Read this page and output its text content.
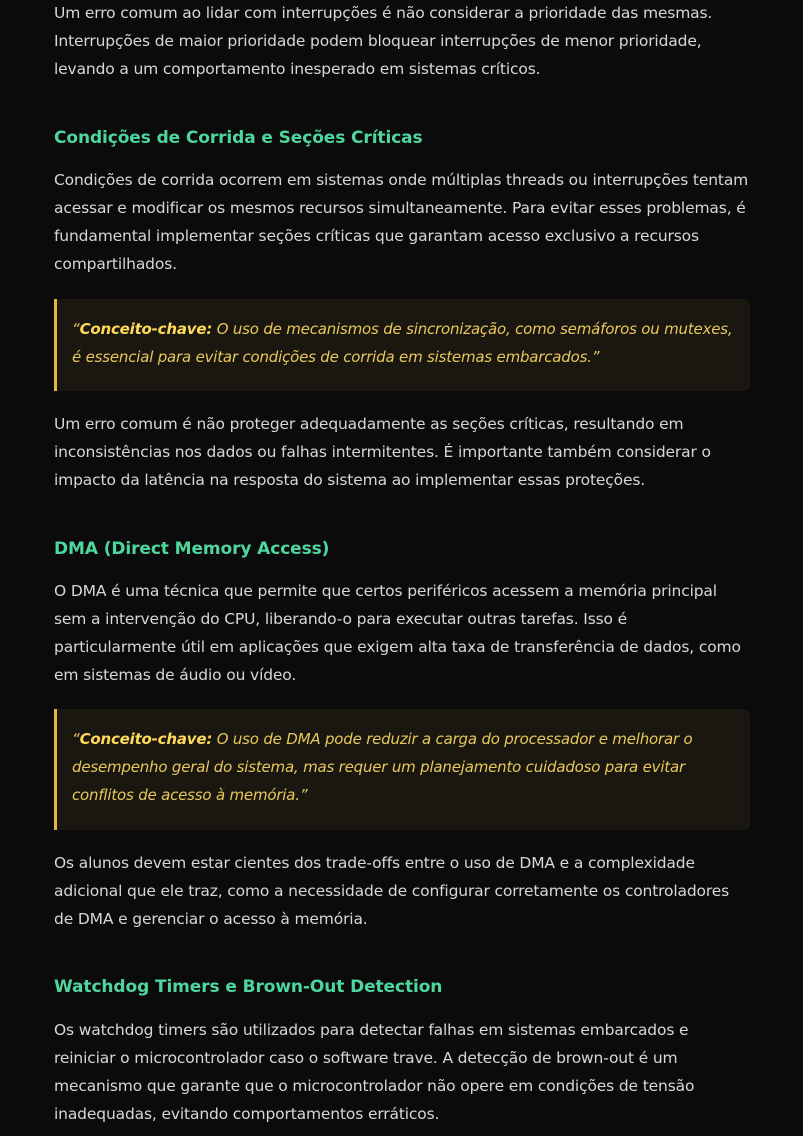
Um erro comum ao lidar com interrupções é não considerar a prioridade das mesmas. Interrupções de maior prioridade podem bloquear interrupções de menor prioridade, levando a um comportamento inesperado em sistemas críticos.

Condições de Corrida e Seções Críticas

Condições de corrida ocorrem em sistemas onde múltiplas threads ou interrupções tentam acessar e modificar os mesmos recursos simultaneamente. Para evitar esses problemas, é fundamental implementar seções críticas que garantam acesso exclusivo a recursos compartilhados.

“Conceito-chave: O uso de mecanismos de sincronização, como semáforos ou mutexes, é essencial para evitar condições de corrida em sistemas embarcados.”

Um erro comum é não proteger adequadamente as seções críticas, resultando em inconsistências nos dados ou falhas intermitentes. É importante também considerar o impacto da latência na resposta do sistema ao implementar essas proteções.

DMA (Direct Memory Access)

O DMA é uma técnica que permite que certos periféricos acessem a memória principal sem a intervenção do CPU, liberando-o para executar outras tarefas. Isso é particularmente útil em aplicações que exigem alta taxa de transferência de dados, como em sistemas de áudio ou vídeo.

“Conceito-chave: O uso de DMA pode reduzir a carga do processador e melhorar o desempenho geral do sistema, mas requer um planejamento cuidadoso para evitar conflitos de acesso à memória.”

Os alunos devem estar cientes dos trade-offs entre o uso de DMA e a complexidade adicional que ele traz, como a necessidade de configurar corretamente os controladores de DMA e gerenciar o acesso à memória.

Watchdog Timers e Brown-Out Detection

Os watchdog timers são utilizados para detectar falhas em sistemas embarcados e reiniciar o microcontrolador caso o software trave. A detecção de brown-out é um mecanismo que garante que o microcontrolador não opere em condições de tensão inadequadas, evitando comportamentos erráticos.
